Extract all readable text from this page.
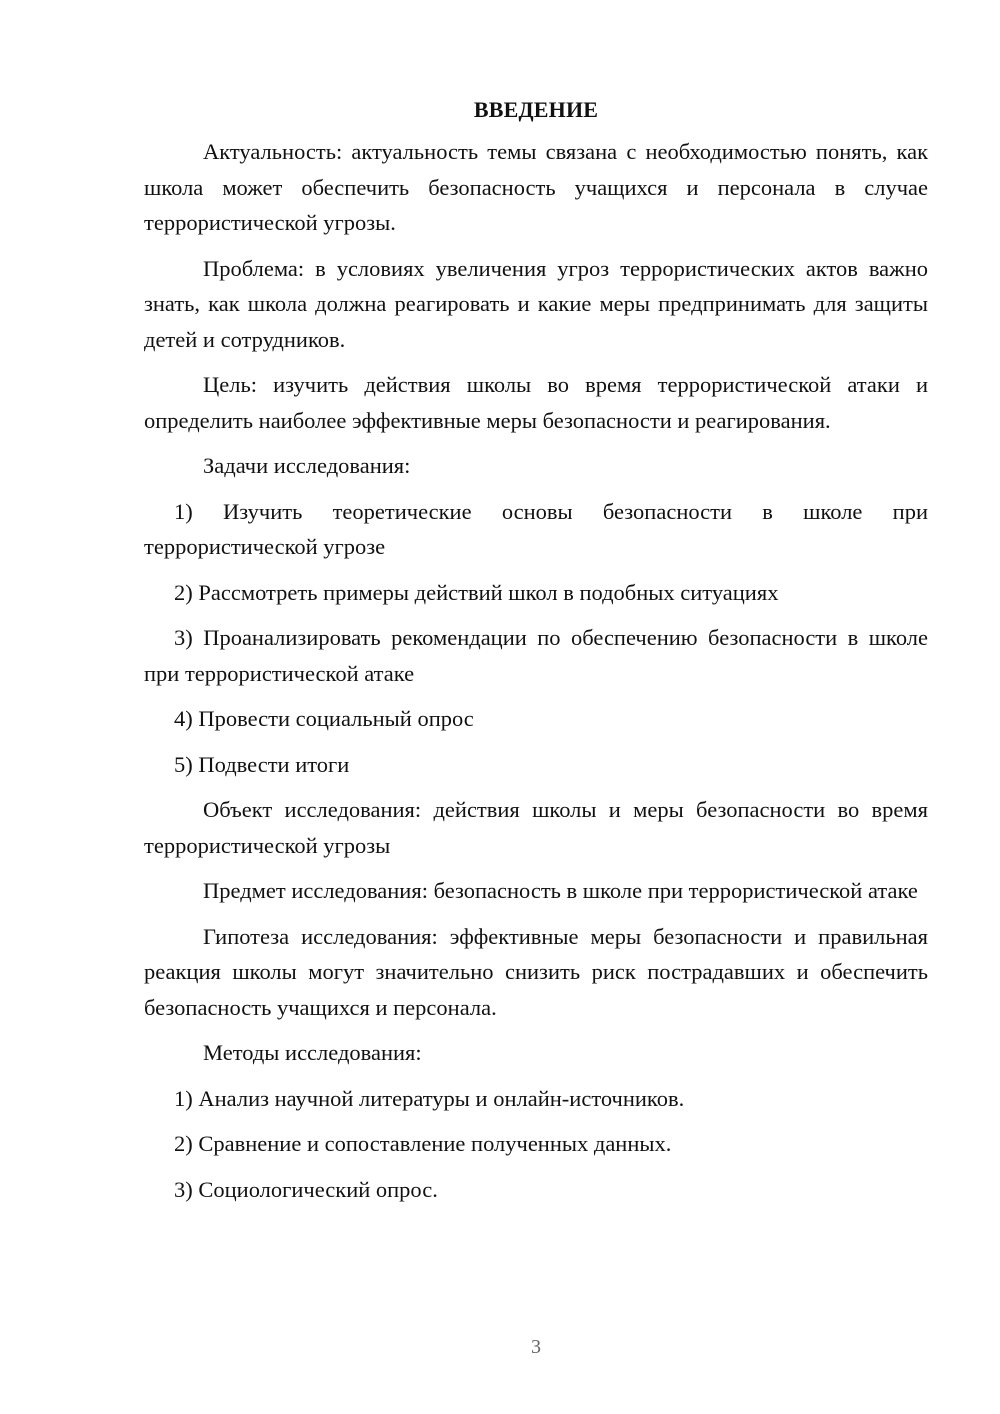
ВВЕДЕНИЕ

Актуальность: актуальность темы связана с необходимостью понять, как школа может обеспечить безопасность учащихся и персонала в случае террористической угрозы.

Проблема: в условиях увеличения угроз террористических актов важно знать, как школа должна реагировать и какие меры предпринимать для защиты детей и сотрудников.

Цель: изучить действия школы во время террористической атаки и определить наиболее эффективные меры безопасности и реагирования.

Задачи исследования:

1) Изучить теоретические основы безопасности в школе при террористической угрозе

2) Рассмотреть примеры действий школ в подобных ситуациях

3) Проанализировать рекомендации по обеспечению безопасности в школе при террористической атаке

4) Провести социальный опрос

5) Подвести итоги

Объект исследования: действия школы и меры безопасности во время террористической угрозы

Предмет исследования: безопасность в школе при террористической атаке

Гипотеза исследования: эффективные меры безопасности и правильная реакция школы могут значительно снизить риск пострадавших и обеспечить безопасность учащихся и персонала.

Методы исследования:

1) Анализ научной литературы и онлайн-источников.

2) Сравнение и сопоставление полученных данных.

3) Социологический опрос.

3
